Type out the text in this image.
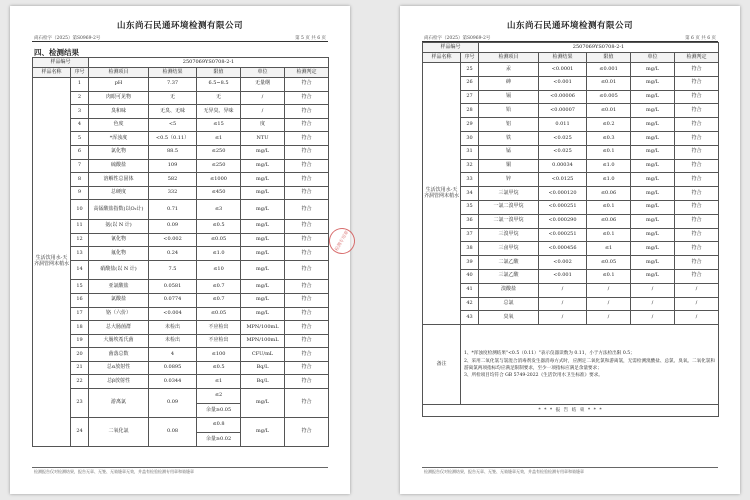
山东尚石民通环境检测有限公司
尚石检字（2025）第S0969-2号	第 5 页 共 6 页
四、检测结果
样品编号		2507069YS0708-2-1				
样品名称	序号	检测项目	检测结果	限值	单位	检测判定
生活饮用水-天齐洞管网末梢水	1	pH	7.37	6.5~8.5	无量纲	符合
	2	肉眼可见物	无	无	/	符合
	3	臭和味	无臭、无味	无异臭、异味	/	符合
	4	色度	<5	≤15	度	符合
	5	*浑浊度	<0.5（0.11）	≤1	NTU	符合
	6	氯化物	88.5	≤250	mg/L	符合
	7	硫酸盐	109	≤250	mg/L	符合
	8	溶解性总固体	582	≤1000	mg/L	符合
	9	总硬度	332	≤450	mg/L	符合
	10	高锰酸盐指数(以O₂计)	0.71	≤3	mg/L	符合
	11	氨(以 N 计)	0.09	≤0.5	mg/L	符合
	12	氰化物	<0.002	≤0.05	mg/L	符合
	13	氟化物	0.24	≤1.0	mg/L	符合
	14	硝酸盐(以 N 计)	7.5	≤10	mg/L	符合
	15	亚氯酸盐	0.0581	≤0.7	mg/L	符合
	16	氯酸盐	0.0774	≤0.7	mg/L	符合
	17	铬（六价）	<0.004	≤0.05	mg/L	符合
	18	总大肠菌群	未检出	不应检出	MPN/100mL	符合
	19	大肠埃希氏菌	未检出	不应检出	MPN/100mL	符合
	20	菌落总数	4	≤100	CFU/mL	符合
	21	总α放射性	0.0895	≤0.5	Bq/L	符合
	22	总β放射性	0.0344	≤1	Bq/L	符合
	23	游离氯	0.09	≤2	mg/L	符合
				余量≥0.05		
	24	二氧化氯	0.08	≤0.8	mg/L	符合
				余量≥0.02		
检测报告仅对检测结果，报告无章、无签、无骑缝章无效，并盖有检验检测专用章和骑缝章
山东尚石民通环境检测有限公司
尚石检字（2025）第S0969-2号	第 6 页 共 6 页
样品编号		2507069YS0708-2-1				
样品名称	序号	检测项目	检测结果	限值	单位	检测判定
生活饮用水-天齐洞管网末梢水	25	汞	<0.0001	≤0.001	mg/L	符合
	26	砷	<0.001	≤0.01	mg/L	符合
	27	镉	<0.00006	≤0.005	mg/L	符合
	28	铅	<0.00007	≤0.01	mg/L	符合
	29	铝	0.011	≤0.2	mg/L	符合
	30	铁	<0.025	≤0.3	mg/L	符合
	31	锰	<0.025	≤0.1	mg/L	符合
	32	铜	0.00034	≤1.0	mg/L	符合
	33	锌	<0.0125	≤1.0	mg/L	符合
	34	三氯甲烷	<0.000120	≤0.06	mg/L	符合
	35	一氯二溴甲烷	<0.000251	≤0.1	mg/L	符合
	36	二氯一溴甲烷	<0.000290	≤0.06	mg/L	符合
	37	三溴甲烷	<0.000251	≤0.1	mg/L	符合
	38	三卤甲烷	<0.000456	≤1	mg/L	符合
	39	二氯乙酸	<0.002	≤0.05	mg/L	符合
	40	三氯乙酸	<0.001	≤0.1	mg/L	符合
	41	溴酸盐	/	/	/	/
	42	总氯	/	/	/	/
	43	臭氧	/	/	/	/
备注	1、*浑浊度检测结果"<0.5（0.11）"表示仪器读数为 0.11，小于方法检出限 0.5；
2、采用二氧化氯与氯混合消毒剂发生器消毒方式时，应测定二氧化氯和游离氯，无需检测溴酸盐、总氯、臭氧。二氧化氯和游离氯两项指标均应满足限制要求，至少一项指标应满足余量要求；
3、所检项目均符合 GB 5749-2022《生活饮用水卫生标准》要求。					

* * * 报 告 结 束 * * *						
检测报告仅对检测结果，报告无章、无签、无骑缝章无效，并盖有检验检测专用章和骑缝章
检测专用章
